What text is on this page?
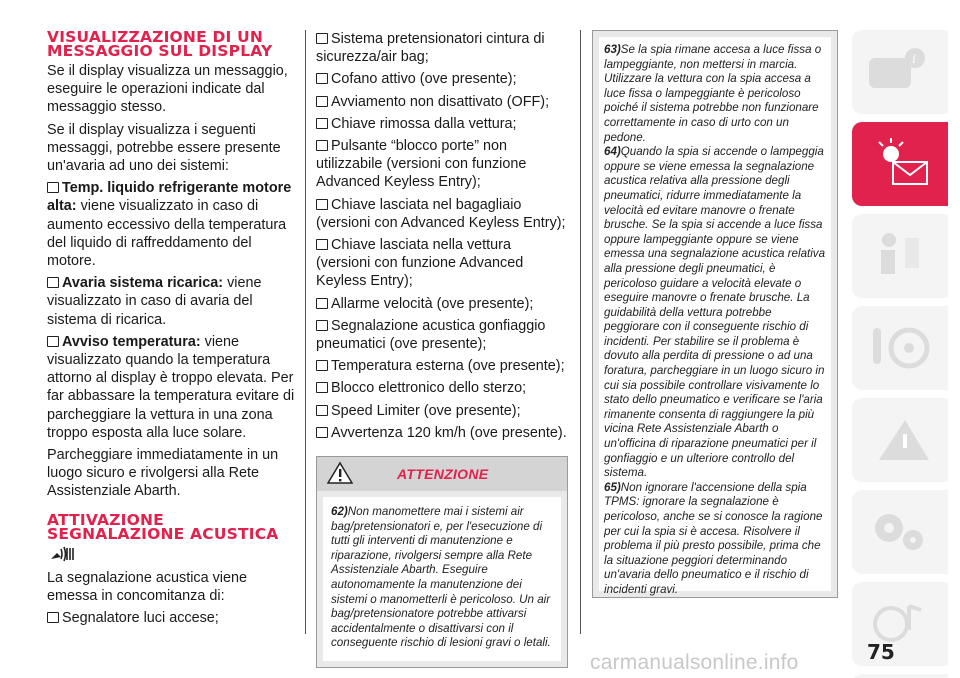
VISUALIZZAZIONE DI UN MESSAGGIO SUL DISPLAY

Se il display visualizza un messaggio, eseguire le operazioni indicate dal messaggio stesso.

Se il display visualizza i seguenti messaggi, potrebbe essere presente un'avaria ad uno dei sistemi:

Temp. liquido refrigerante motore alta: viene visualizzato in caso di aumento eccessivo della temperatura del liquido di raffreddamento del motore.

Avaria sistema ricarica: viene visualizzato in caso di avaria del sistema di ricarica.

Avviso temperatura: viene visualizzato quando la temperatura attorno al display è troppo elevata. Per far abbassare la temperatura evitare di parcheggiare la vettura in una zona troppo esposta alla luce solare.

Parcheggiare immediatamente in un luogo sicuro e rivolgersi alla Rete Assistenziale Abarth.

ATTIVAZIONE SEGNALAZIONE ACUSTICA

La segnalazione acustica viene emessa in concomitanza di:

Segnalatore luci accese;

Sistema pretensionatori cintura di sicurezza/air bag;

Cofano attivo (ove presente);

Avviamento non disattivato (OFF);

Chiave rimossa dalla vettura;

Pulsante “blocco porte” non utilizzabile (versioni con funzione Advanced Keyless Entry);

Chiave lasciata nel bagagliaio (versioni con Advanced Keyless Entry);

Chiave lasciata nella vettura (versioni con funzione Advanced Keyless Entry);

Allarme velocità (ove presente);

Segnalazione acustica gonfiaggio pneumatici (ove presente);

Temperatura esterna (ove presente);

Blocco elettronico dello sterzo;

Speed Limiter (ove presente);

Avvertenza 120 km/h (ove presente).

ATTENZIONE

62)Non manomettere mai i sistemi air bag/pretensionatori e, per l'esecuzione di tutti gli interventi di manutenzione e riparazione, rivolgersi sempre alla Rete Assistenziale Abarth. Eseguire autonomamente la manutenzione dei sistemi o manometterli è pericoloso. Un air bag/pretensionatore potrebbe attivarsi accidentalmente o disattivarsi con il conseguente rischio di lesioni gravi o letali.

63)Se la spia rimane accesa a luce fissa o lampeggiante, non mettersi in marcia. Utilizzare la vettura con la spia accesa a luce fissa o lampeggiante è pericoloso poiché il sistema potrebbe non funzionare correttamente in caso di urto con un pedone.

64)Quando la spia si accende o lampeggia oppure se viene emessa la segnalazione acustica relativa alla pressione degli pneumatici, ridurre immediatamente la velocità ed evitare manovre o frenate brusche. Se la spia si accende a luce fissa oppure lampeggiante oppure se viene emessa una segnalazione acustica relativa alla pressione degli pneumatici, è pericoloso guidare a velocità elevate o eseguire manovre o frenate brusche. La guidabilità della vettura potrebbe peggiorare con il conseguente rischio di incidenti. Per stabilire se il problema è dovuto alla perdita di pressione o ad una foratura, parcheggiare in un luogo sicuro in cui sia possibile controllare visivamente lo stato dello pneumatico e verificare se l'aria rimanente consenta di raggiungere la più vicina Rete Assistenziale Abarth o un'officina di riparazione pneumatici per il gonfiaggio e un ulteriore controllo del sistema.

65)Non ignorare l'accensione della spia TPMS: ignorare la segnalazione è pericoloso, anche se si conosce la ragione per cui la spia si è accesa. Risolvere il problema il più presto possibile, prima che la situazione peggiori determinando un'avaria dello pneumatico e il rischio di incidenti gravi.

i
75
carmanualsonline.info
